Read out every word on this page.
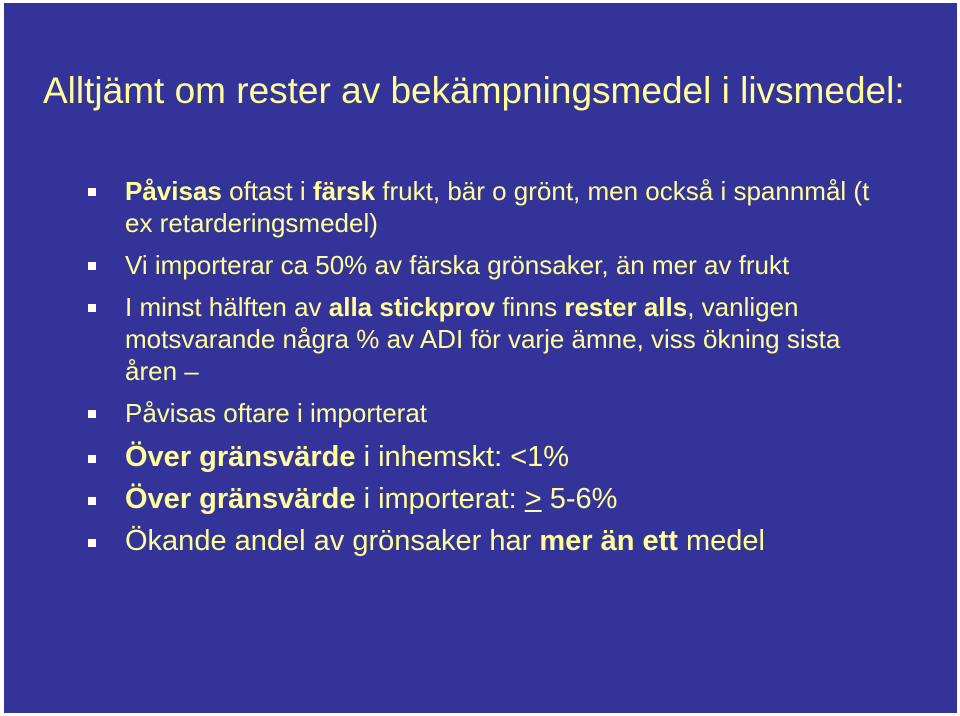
Alltjämt om rester av bekämpningsmedel i livsmedel:
Påvisas oftast i färsk frukt, bär o grönt, men också i spannmål (t ex retarderingsmedel)
Vi importerar ca 50% av färska grönsaker, än mer av frukt
I minst hälften av alla stickprov finns rester alls, vanligen motsvarande några % av ADI för varje ämne, viss ökning sista åren –
Påvisas oftare i importerat
Över gränsvärde i inhemskt: <1%
Över gränsvärde i importerat: > 5-6%
Ökande andel av grönsaker har mer än ett medel
